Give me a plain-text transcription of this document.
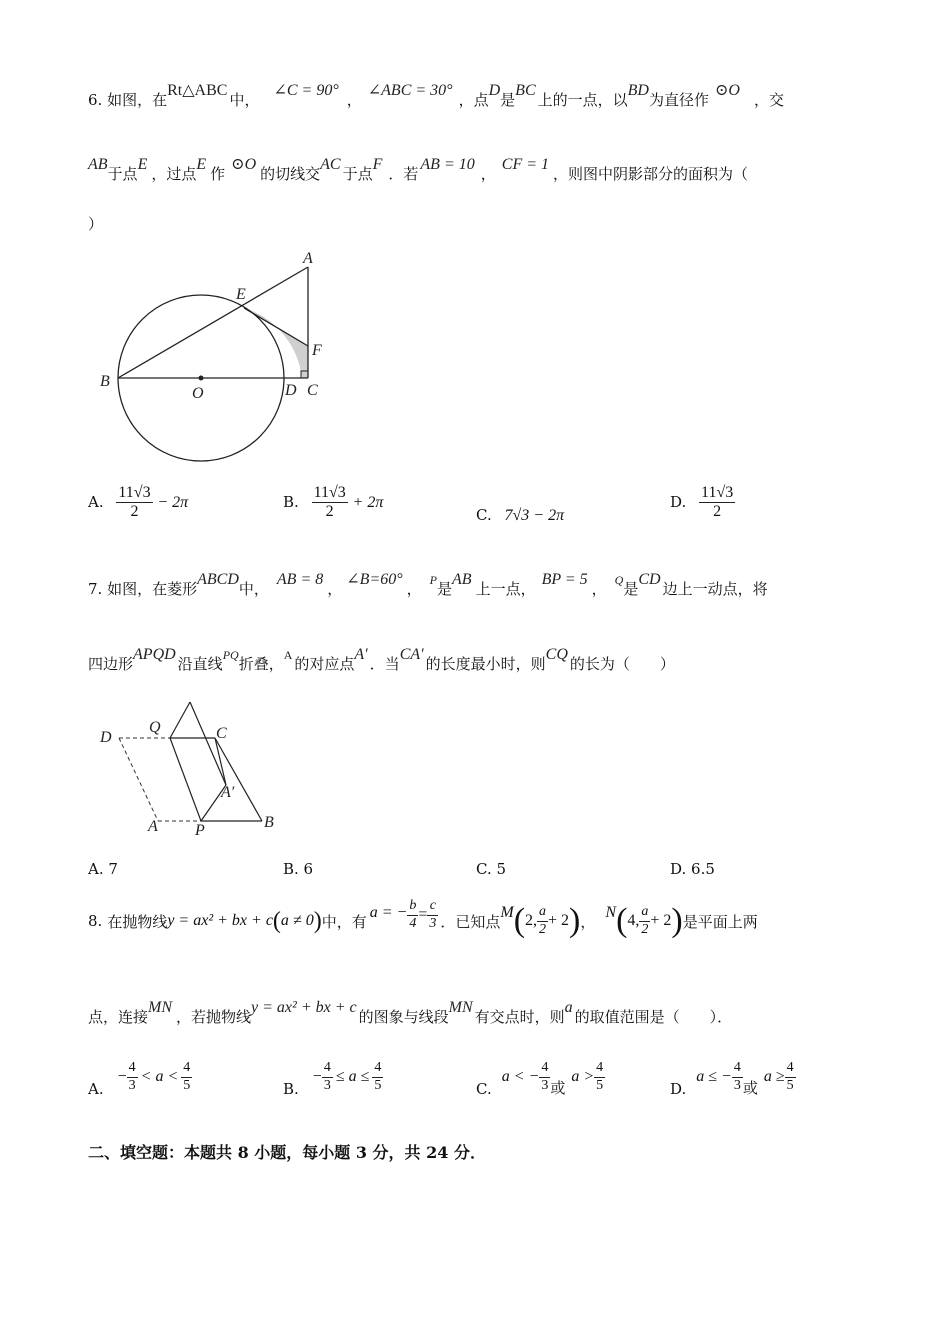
6. 如图，在Rt△ABC中，∠C = 90°，∠ABC = 30°，点D是BC上的一点，以BD为直径作⊙O，交
AB于点E，过点E作⊙O的切线交AC于点F．若AB = 10，CF = 1，则图中阴影部分的面积为（
）
A
E
F
B
O	D C
A. $\frac{11√3}{2} - 2\pi$	B. $\frac{11√3}{2} + 2\pi$
C. 7√3 − 2π
D. $\frac{11√3}{2}$
7. 如图，在菱形ABCD中，AB = 8，∠B=60°， $^P$是AB上一点，BP = 5， $^Q$是CD边上一动点，将
四边形APQD沿直线$^{PQ}$折叠，$^A$ 的对应点A′．当CA′的长度最小时，则CQ的长为（　　）
D
Q	C
A′
A P	B
A. 7	B. 6	C. 5	D. 6.5
8. 在抛物线 y = ax² + bx + c ( a ≠ 0 ) 中，有 a = − $\frac{b}{4} = \frac{c}{3}$ ．已知点 M ( 2, $\frac{a}{2} + 2$ ) ， N ( 4, $\frac{a}{2} + 2$ ) 是平面上两
点，连接MN，若抛物线y = ax² + bx + c的图象与线段MN有交点时，则a的取值范围是（　　）．
A.
− $\frac{4}{3} < a < \frac{4}{5}$	B.
− $\frac{4}{3} \le a \le \frac{4}{5}$	C.
a < − $\frac{4}{3}$ 或
$a > \frac{4}{5}$	D.
a ≤ − $\frac{4}{3}$ 或
$a \ge \frac{4}{5}$
二、填空题：本题共 8 小题，每小题 3 分，共 24 分．
